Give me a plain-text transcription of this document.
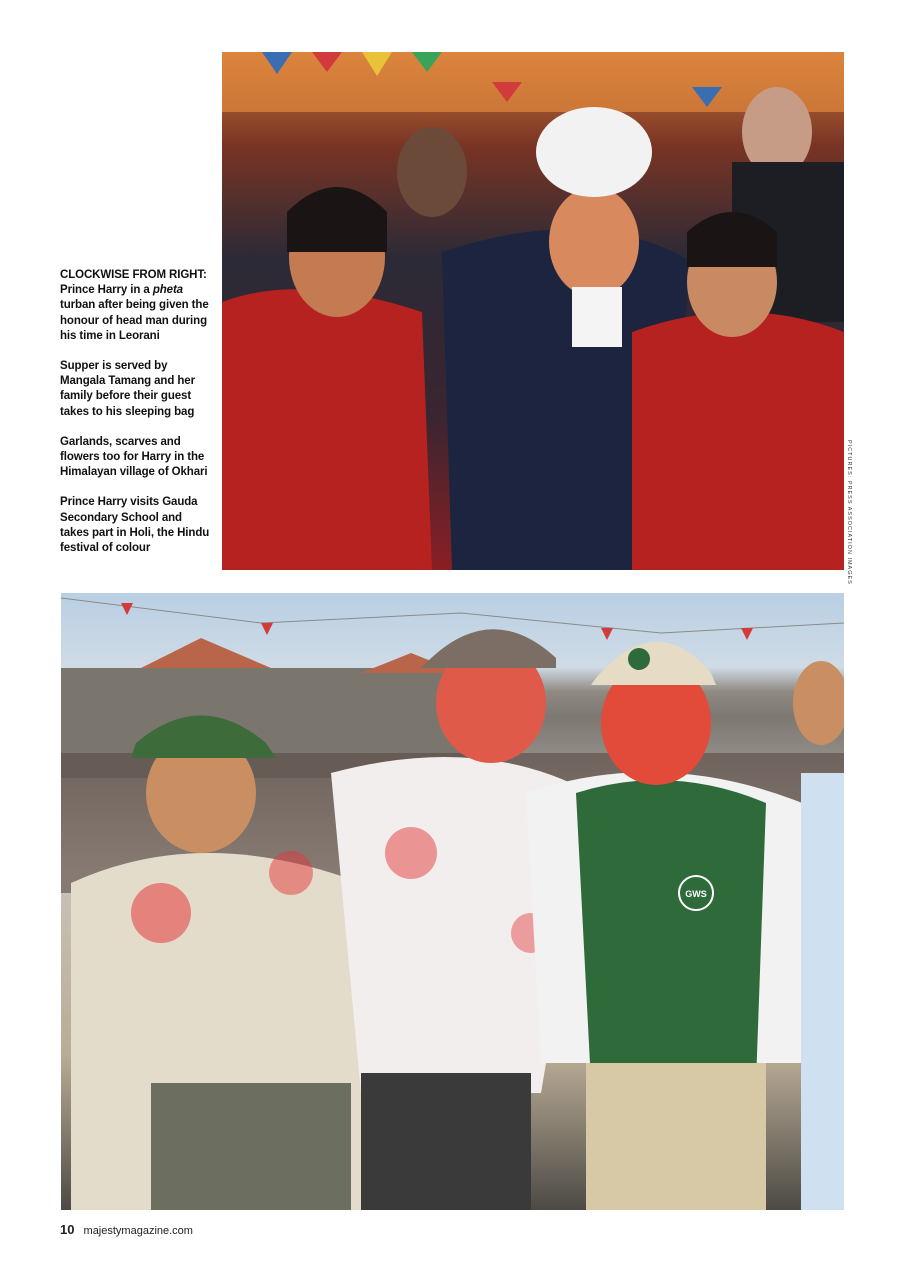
CLOCKWISE FROM RIGHT:
Prince Harry in a pheta turban after being given the honour of head man during his time in Leorani

Supper is served by Mangala Tamang and her family before their guest takes to his sleeping bag

Garlands, scarves and flowers too for Harry in the Himalayan village of Okhari

Prince Harry visits Gauda Secondary School and takes part in Holi, the Hindu festival of colour	PICTURES: PRESS ASSOCIATION IMAGES
GWS
10 majestymagazine.com
